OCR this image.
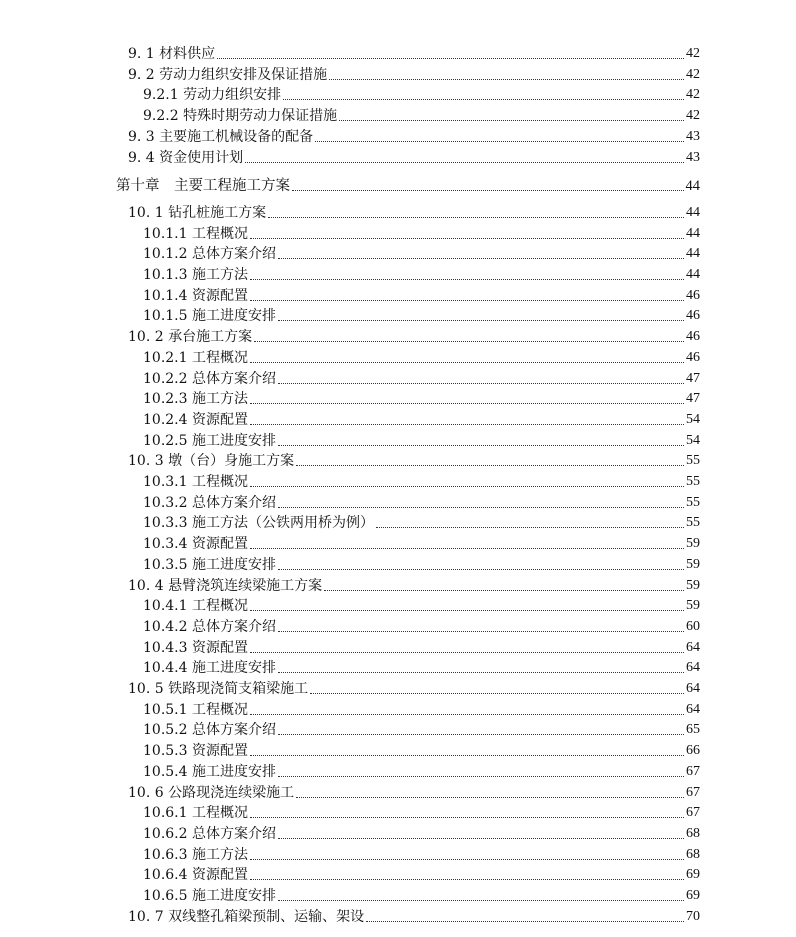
9. 1 材料供应	42
9. 2 劳动力组织安排及保证措施	42
9.2.1 劳动力组织安排	42
9.2.2 特殊时期劳动力保证措施	42
9. 3 主要施工机械设备的配备	43
9. 4 资金使用计划	43
第十章　主要工程施工方案	44
10. 1 钻孔桩施工方案	44
10.1.1 工程概况	44
10.1.2 总体方案介绍	44
10.1.3 施工方法	44
10.1.4 资源配置	46
10.1.5 施工进度安排	46
10. 2 承台施工方案	46
10.2.1 工程概况	46
10.2.2 总体方案介绍	47
10.2.3 施工方法	47
10.2.4 资源配置	54
10.2.5 施工进度安排	54
10. 3 墩（台）身施工方案	55
10.3.1 工程概况	55
10.3.2 总体方案介绍	55
10.3.3 施工方法（公铁两用桥为例）	55
10.3.4 资源配置	59
10.3.5 施工进度安排	59
10. 4 悬臂浇筑连续梁施工方案	59
10.4.1 工程概况	59
10.4.2 总体方案介绍	60
10.4.3 资源配置	64
10.4.4 施工进度安排	64
10. 5 铁路现浇简支箱梁施工	64
10.5.1 工程概况	64
10.5.2 总体方案介绍	65
10.5.3 资源配置	66
10.5.4 施工进度安排	67
10. 6 公路现浇连续梁施工	67
10.6.1 工程概况	67
10.6.2 总体方案介绍	68
10.6.3 施工方法	68
10.6.4 资源配置	69
10.6.5 施工进度安排	69
10. 7 双线整孔箱梁预制、运输、架设	70
